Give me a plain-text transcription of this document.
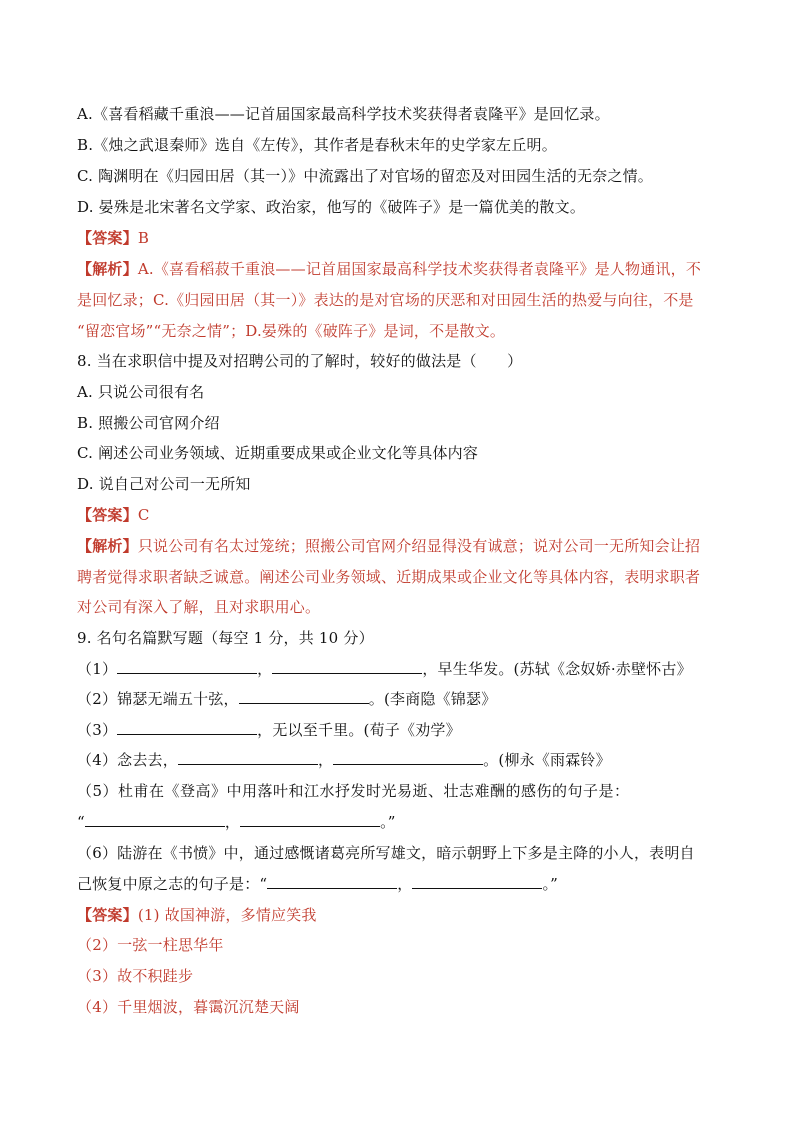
A.《喜看稻藏千重浪——记首届国家最高科学技术奖获得者袁隆平》是回忆录。
B.《烛之武退秦师》选自《左传》，其作者是春秋末年的史学家左丘明。
C. 陶渊明在《归园田居（其一）》中流露出了对官场的留恋及对田园生活的无奈之情。
D. 晏殊是北宋著名文学家、政治家，他写的《破阵子》是一篇优美的散文。
【答案】B
【解析】A.《喜看稻菽千重浪——记首届国家最高科学技术奖获得者袁隆平》是人物通讯，不
是回忆录；C.《归园田居（其一）》表达的是对官场的厌恶和对田园生活的热爱与向往，不是
“留恋官场”“无奈之情”；D.晏殊的《破阵子》是词，不是散文。
8. 当在求职信中提及对招聘公司的了解时，较好的做法是（　　）
A. 只说公司很有名
B. 照搬公司官网介绍
C. 阐述公司业务领域、近期重要成果或企业文化等具体内容
D. 说自己对公司一无所知
【答案】C
【解析】只说公司有名太过笼统；照搬公司官网介绍显得没有诚意；说对公司一无所知会让招
聘者觉得求职者缺乏诚意。阐述公司业务领域、近期成果或企业文化等具体内容，表明求职者
对公司有深入了解，且对求职用心。
9. 名句名篇默写题（每空 1 分，共 10 分）
（1）	，	，早生华发。(苏轼《念奴娇·赤壁怀古》
（2）锦瑟无端五十弦，	。(李商隐《锦瑟》
（3）	，无以至千里。(荀子《劝学》
（4）念去去，	，	。(柳永《雨霖铃》
（5）杜甫在《登高》中用落叶和江水抒发时光易逝、壮志难酬的感伤的句子是：
“	，	。”
（6）陆游在《书愤》中，通过感慨诸葛亮所写雄文，暗示朝野上下多是主降的小人，表明自
己恢复中原之志的句子是：“	，	。”
【答案】(1) 故国神游，多情应笑我
（2）一弦一柱思华年
（3）故不积跬步
（4）千里烟波，暮霭沉沉楚天阔
